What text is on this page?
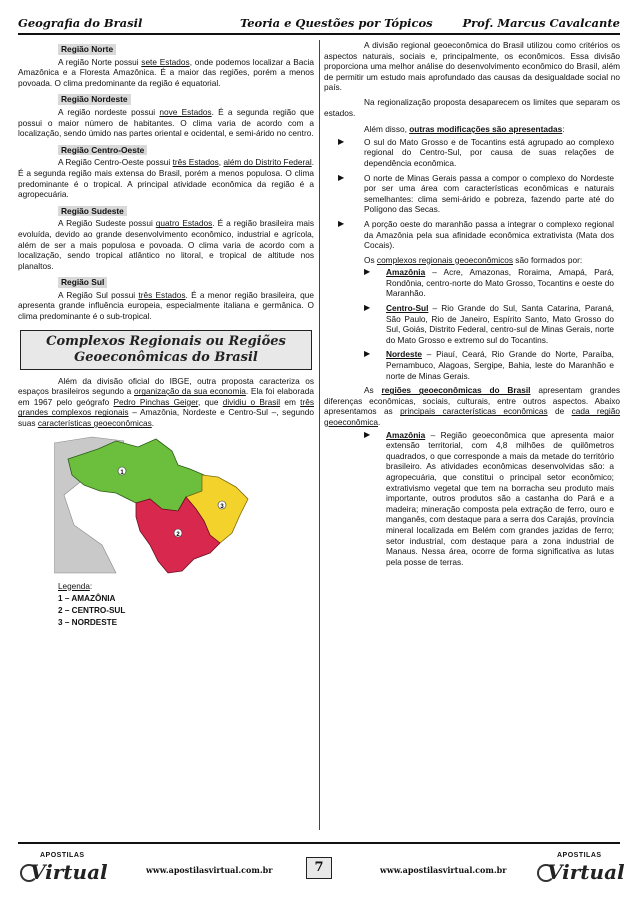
Geografia do Brasil	Teoria e Questões por Tópicos	Prof. Marcus Cavalcante
Região Norte

A região Norte possui sete Estados, onde podemos localizar a Bacia Amazônica e a Floresta Amazônica. É a maior das regiões, porém a menos povoada. O clima predominante da região é equatorial.

Região Nordeste

A região nordeste possui nove Estados. É a segunda região que possui o maior número de habitantes. O clima varia de acordo com a localização, sendo úmido nas partes oriental e ocidental, e semi-árido no centro.

Região Centro-Oeste

A Região Centro-Oeste possui três Estados, além do Distrito Federal. É a segunda região mais extensa do Brasil, porém a menos populosa. O clima predominante é o tropical. A principal atividade econômica da região é a agropecuária.

Região Sudeste

A Região Sudeste possui quatro Estados. É a região brasileira mais evoluída, devido ao grande desenvolvimento econômico, industrial e agrícola, além de ser a mais populosa e povoada. O clima varia de acordo com a localização, sendo tropical atlântico no litoral, e tropical de altitude nos planaltos.

Região Sul

A Região Sul possui três Estados. É a menor região brasileira, que apresenta grande influência europeia, especialmente italiana e germânica. O clima predominante é o sub-tropical.

Complexos Regionais ou Regiões Geoeconômicas do Brasil

Além da divisão oficial do IBGE, outra proposta caracteriza os espaços brasileiros segundo a organização da sua economia. Ela foi elaborada em 1967 pelo geógrafo Pedro Pinchas Geiger, que dividiu o Brasil em três grandes complexos regionais – Amazônia, Nordeste e Centro-Sul –, segundo suas características geoeconômicas.

1
2
3
Legenda:
1 – AMAZÔNIA
2 – CENTRO-SUL
3 – NORDESTE

A divisão regional geoeconômica do Brasil utilizou como critérios os aspectos naturais, sociais e, principalmente, os econômicos. Essa divisão proporciona uma melhor análise do desenvolvimento econômico do Brasil, além de permitir um estudo mais aprofundado das causas da desigualdade social no país.

Na regionalização proposta desaparecem os limites que separam os estados.

Além disso, outras modificações são apresentadas:

▶ O sul do Mato Grosso e de Tocantins está agrupado ao complexo regional do Centro-Sul, por causa de suas relações de dependência econômica.
▶ O norte de Minas Gerais passa a compor o complexo do Nordeste por ser uma área com características econômicas e naturais semelhantes: clima semi-árido e pobreza, fazendo parte até do Polígono das Secas.
▶ A porção oeste do maranhão passa a integrar o complexo regional da Amazônia pela sua afinidade econômica extrativista (Mata dos Cocais).

Os complexos regionais geoeconômicos são formados por:

▶ Amazônia – Acre, Amazonas, Roraima, Amapá, Pará, Rondônia, centro-norte do Mato Grosso, Tocantins e oeste do Maranhão.
▶ Centro-Sul – Rio Grande do Sul, Santa Catarina, Paraná, São Paulo, Rio de Janeiro, Espírito Santo, Mato Grosso do Sul, Goiás, Distrito Federal, centro-sul de Minas Gerais, norte do Mato Grosso e extremo sul do Tocantins.
▶ Nordeste – Piauí, Ceará, Rio Grande do Norte, Paraíba, Pernambuco, Alagoas, Sergipe, Bahia, leste do Maranhão e norte de Minas Gerais.

As regiões geoeconômicas do Brasil apresentam grandes diferenças econômicas, sociais, culturais, entre outros aspectos. Abaixo apresentamos as principais características econômicas de cada região geoeconômica.

▶ Amazônia – Região geoeconômica que apresenta maior extensão territorial, com 4,8 milhões de quilômetros quadrados, o que corresponde a mais da metade do território brasileiro. As atividades econômicas desenvolvidas são: a agropecuária, que constitui o principal setor econômico; extrativismo vegetal que tem na borracha seu produto mais importante, outros produtos são a castanha do Pará e a madeira; mineração composta pela extração de ferro, ouro e manganês, com destaque para a serra dos Carajás, província mineral localizada em Belém com grandes jazidas de ferro; setor industrial, com destaque para a zona industrial de Manaus. Nessa área, ocorre de forma significativa as lutas pela posse de terras.
APOSTILAS
Virtual	www.apostilasvirtual.com.br	7	www.apostilasvirtual.com.br
APOSTILAS
Virtual
